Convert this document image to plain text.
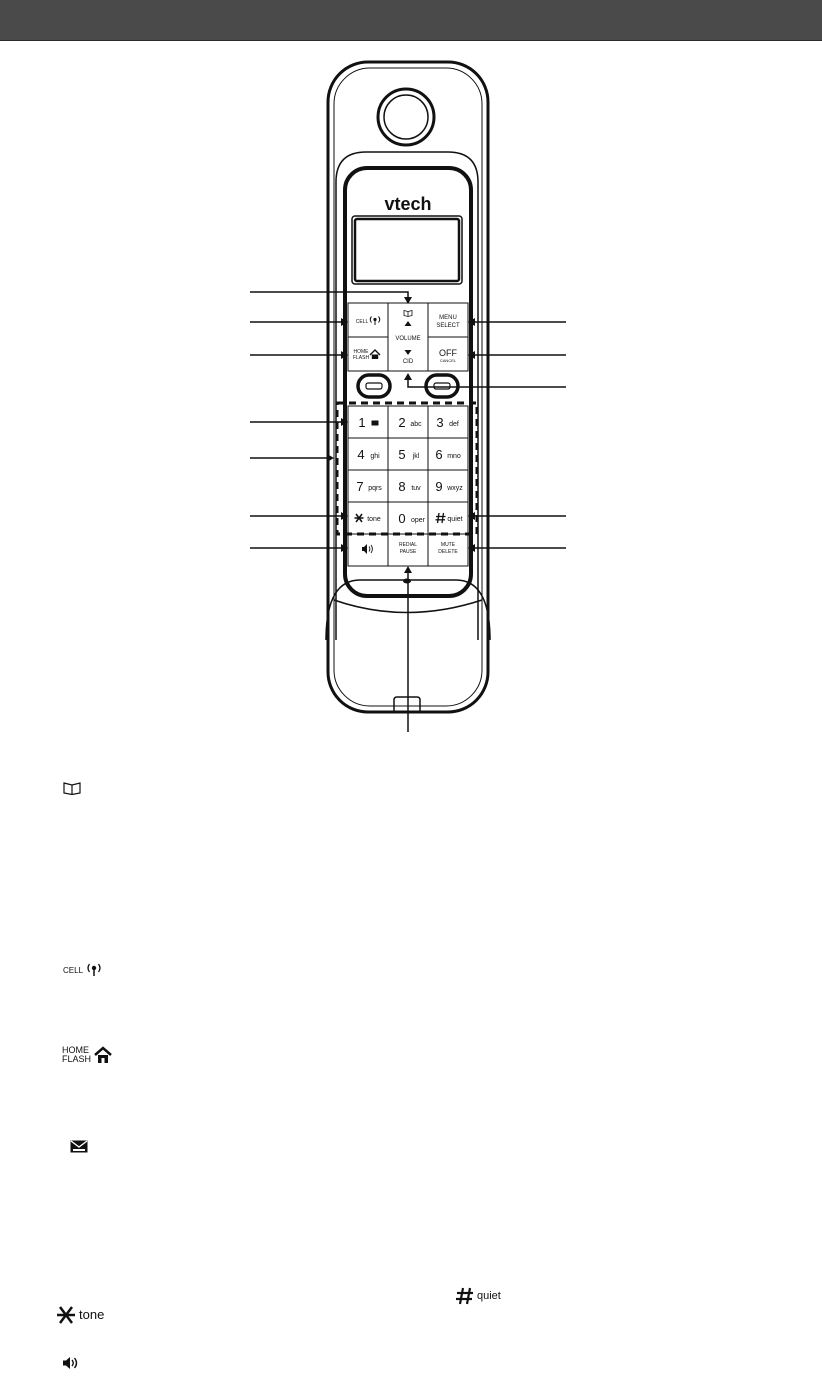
vtech
CELL
HOME
FLASH
VOLUME
CID
MENU
SELECT
OFF
CANCEL
1	2 abc 3 def
4 ghi 5 jkl 6 mno
7 pqrs 8 tuv 9 wxyz
tone 0 oper	quiet
REDIAL
PAUSE
MUTE
DELETE
CELL
HOME
FLASH
tone
quiet
